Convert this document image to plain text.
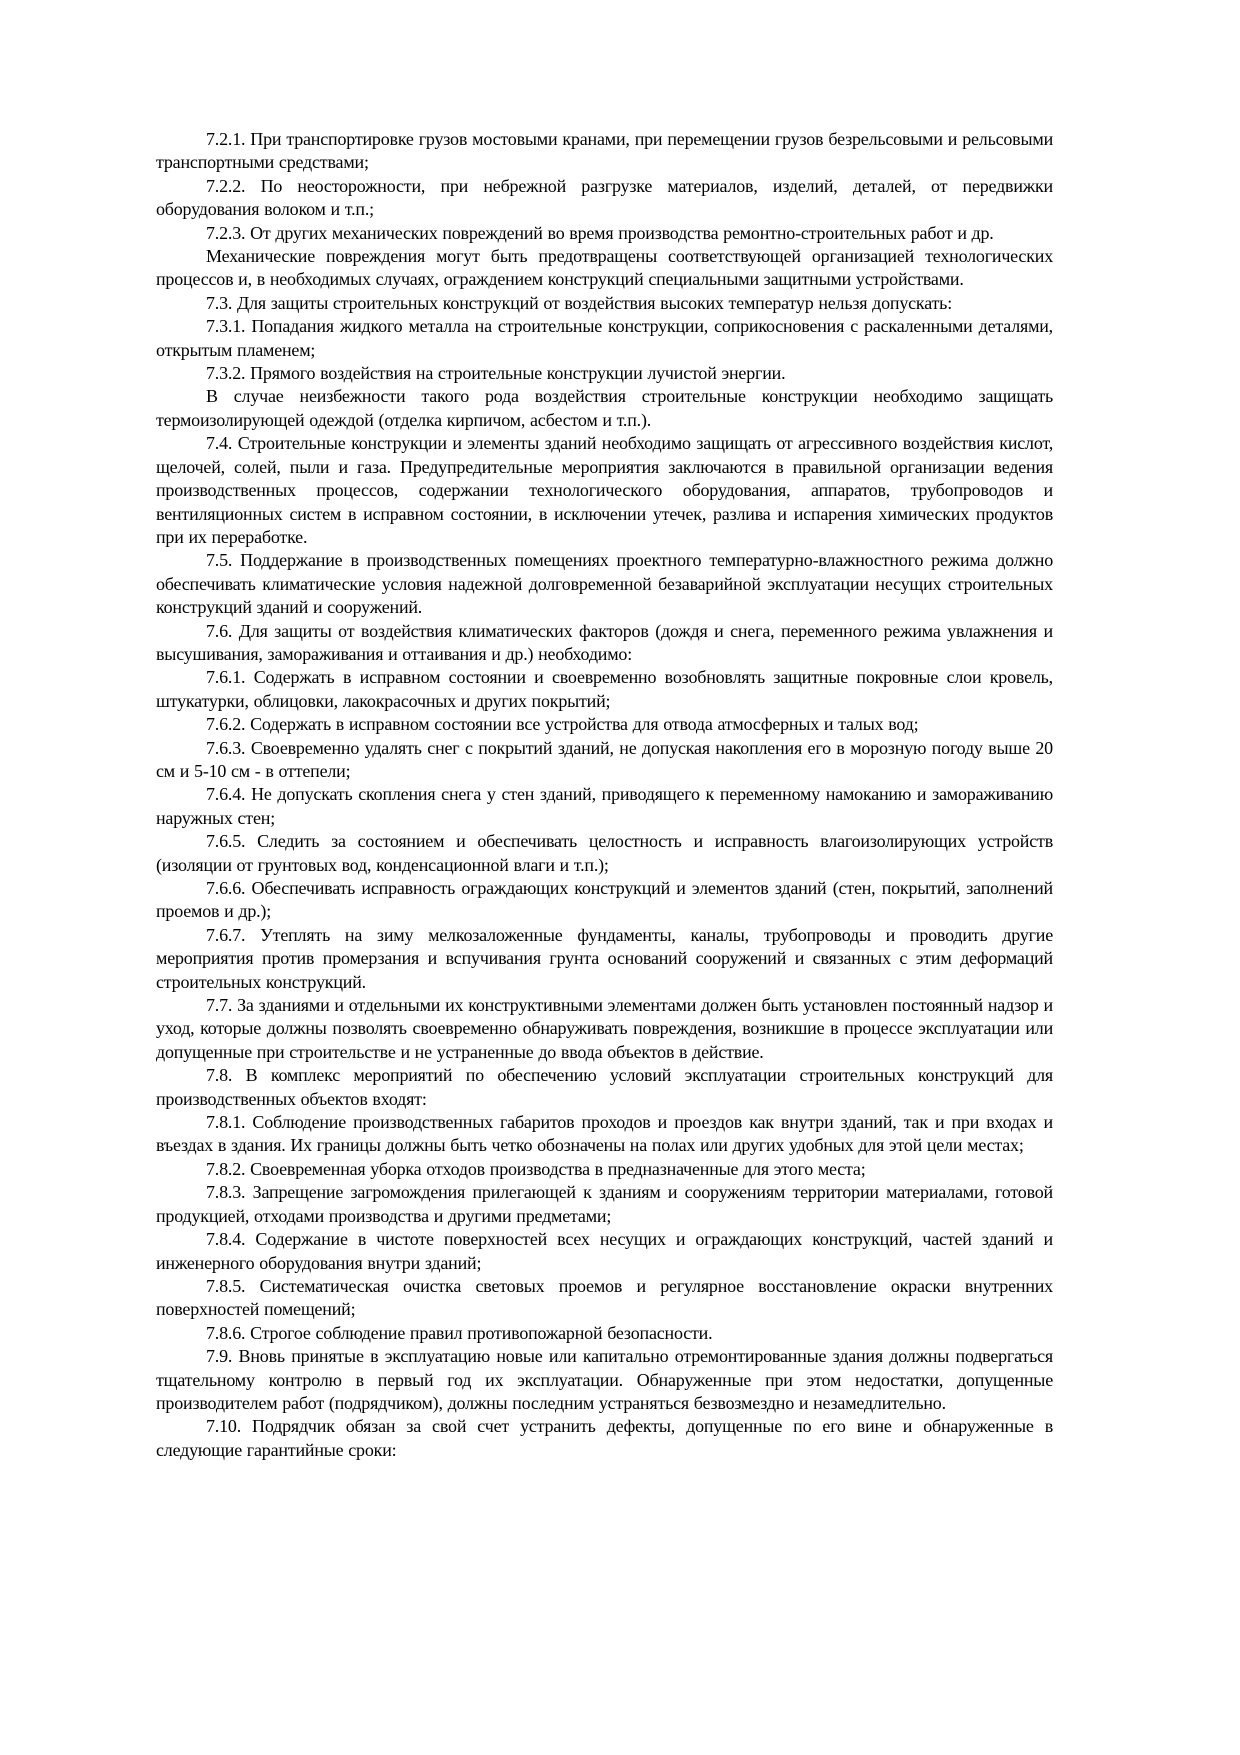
7.2.1. При транспортировке грузов мостовыми кранами, при перемещении грузов безрельсовыми и рельсовыми транспортными средствами;

7.2.2. По неосторожности, при небрежной разгрузке материалов, изделий, деталей, от передвижки оборудования волоком и т.п.;

7.2.3. От других механических повреждений во время производства ремонтно-строительных работ и др.

Механические повреждения могут быть предотвращены соответствующей организацией технологических процессов и, в необходимых случаях, ограждением конструкций специальными защитными устройствами.

7.3. Для защиты строительных конструкций от воздействия высоких температур нельзя допускать:

7.3.1. Попадания жидкого металла на строительные конструкции, соприкосновения с раскаленными деталями, открытым пламенем;

7.3.2. Прямого воздействия на строительные конструкции лучистой энергии.

В случае неизбежности такого рода воздействия строительные конструкции необходимо защищать термоизолирующей одеждой (отделка кирпичом, асбестом и т.п.).

7.4. Строительные конструкции и элементы зданий необходимо защищать от агрессивного воздействия кислот, щелочей, солей, пыли и газа. Предупредительные мероприятия заключаются в правильной организации ведения производственных процессов, содержании технологического оборудования, аппаратов, трубопроводов и вентиляционных систем в исправном состоянии, в исключении утечек, разлива и испарения химических продуктов при их переработке.

7.5. Поддержание в производственных помещениях проектного температурно-влажностного режима должно обеспечивать климатические условия надежной долговременной безаварийной эксплуатации несущих строительных конструкций зданий и сооружений.

7.6. Для защиты от воздействия климатических факторов (дождя и снега, переменного режима увлажнения и высушивания, замораживания и оттаивания и др.) необходимо:

7.6.1. Содержать в исправном состоянии и своевременно возобновлять защитные покровные слои кровель, штукатурки, облицовки, лакокрасочных и других покрытий;

7.6.2. Содержать в исправном состоянии все устройства для отвода атмосферных и талых вод;

7.6.3. Своевременно удалять снег с покрытий зданий, не допуская накопления его в морозную погоду выше 20 см и 5-10 см - в оттепели;

7.6.4. Не допускать скопления снега у стен зданий, приводящего к переменному намоканию и замораживанию наружных стен;

7.6.5. Следить за состоянием и обеспечивать целостность и исправность влагоизолирующих устройств (изоляции от грунтовых вод, конденсационной влаги и т.п.);

7.6.6. Обеспечивать исправность ограждающих конструкций и элементов зданий (стен, покрытий, заполнений проемов и др.);

7.6.7. Утеплять на зиму мелкозаложенные фундаменты, каналы, трубопроводы и проводить другие мероприятия против промерзания и вспучивания грунта оснований сооружений и связанных с этим деформаций строительных конструкций.

7.7. За зданиями и отдельными их конструктивными элементами должен быть установлен постоянный надзор и уход, которые должны позволять своевременно обнаруживать повреждения, возникшие в процессе эксплуатации или допущенные при строительстве и не устраненные до ввода объектов в действие.

7.8. В комплекс мероприятий по обеспечению условий эксплуатации строительных конструкций для производственных объектов входят:

7.8.1. Соблюдение производственных габаритов проходов и проездов как внутри зданий, так и при входах и въездах в здания. Их границы должны быть четко обозначены на полах или других удобных для этой цели местах;

7.8.2. Своевременная уборка отходов производства в предназначенные для этого места;

7.8.3. Запрещение загромождения прилегающей к зданиям и сооружениям территории материалами, готовой продукцией, отходами производства и другими предметами;

7.8.4. Содержание в чистоте поверхностей всех несущих и ограждающих конструкций, частей зданий и инженерного оборудования внутри зданий;

7.8.5. Систематическая очистка световых проемов и регулярное восстановление окраски внутренних поверхностей помещений;

7.8.6. Строгое соблюдение правил противопожарной безопасности.

7.9. Вновь принятые в эксплуатацию новые или капитально отремонтированные здания должны подвергаться тщательному контролю в первый год их эксплуатации. Обнаруженные при этом недостатки, допущенные производителем работ (подрядчиком), должны последним устраняться безвозмездно и незамедлительно.

7.10. Подрядчик обязан за свой счет устранить дефекты, допущенные по его вине и обнаруженные в следующие гарантийные сроки:
